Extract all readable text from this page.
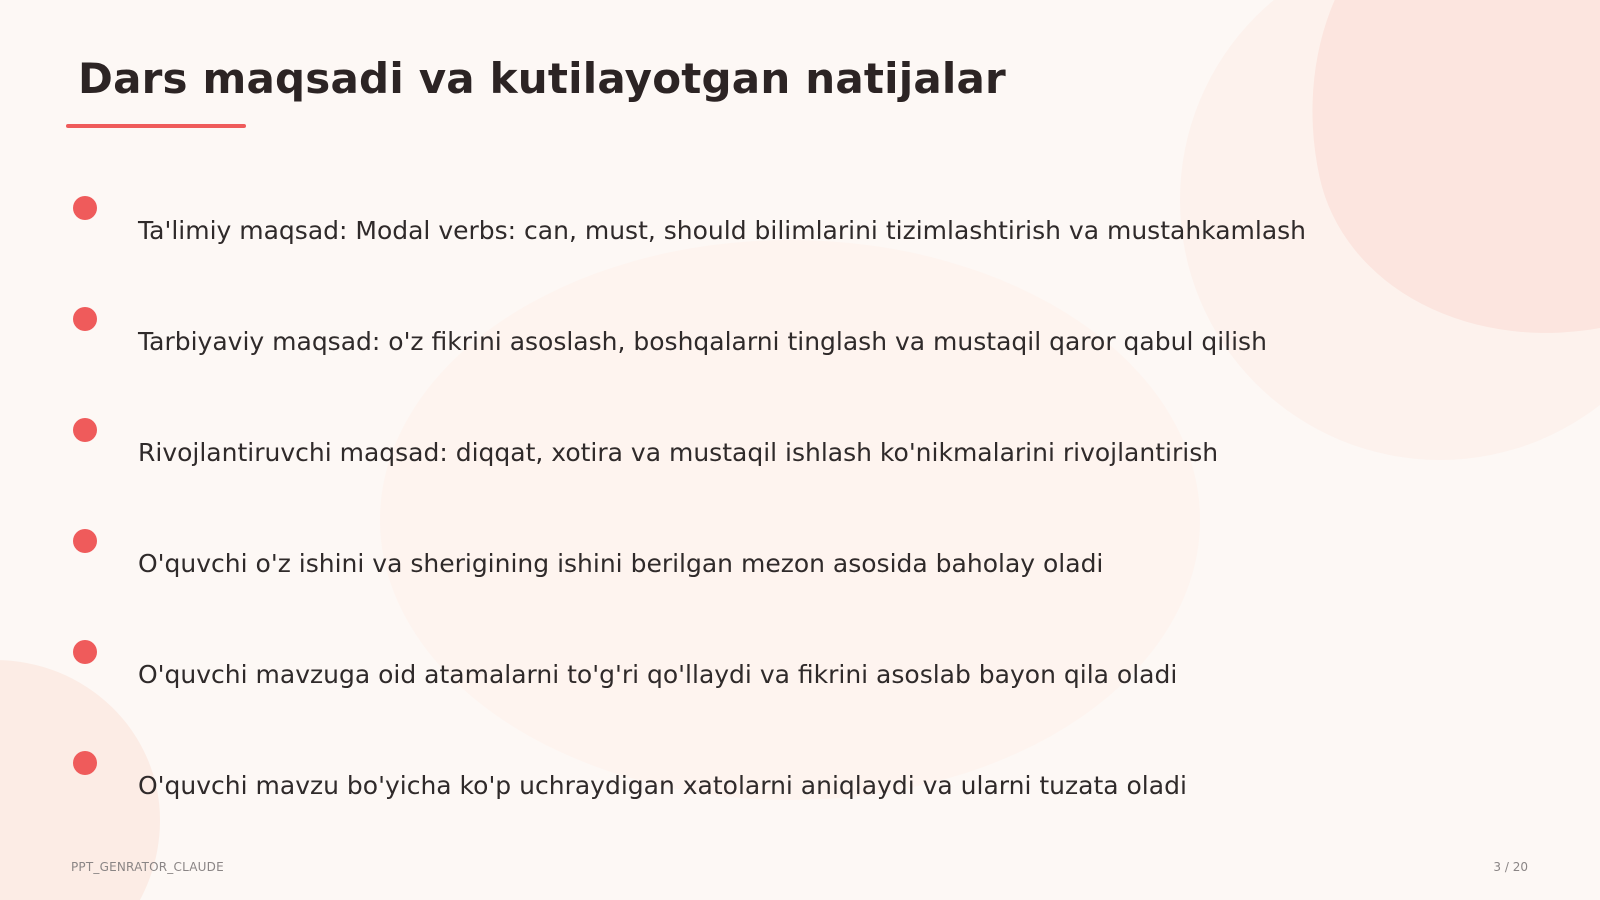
Dars maqsadi va kutilayotgan natijalar
Ta'limiy maqsad: Modal verbs: can, must, should bilimlarini tizimlashtirish va mustahkamlash
Tarbiyaviy maqsad: o'z fikrini asoslash, boshqalarni tinglash va mustaqil qaror qabul qilish
Rivojlantiruvchi maqsad: diqqat, xotira va mustaqil ishlash ko'nikmalarini rivojlantirish
O'quvchi o'z ishini va sherigining ishini berilgan mezon asosida baholay oladi
O'quvchi mavzuga oid atamalarni to'g'ri qo'llaydi va fikrini asoslab bayon qila oladi
O'quvchi mavzu bo'yicha ko'p uchraydigan xatolarni aniqlaydi va ularni tuzata oladi
PPT_GENRATOR_CLAUDE	3 / 20
